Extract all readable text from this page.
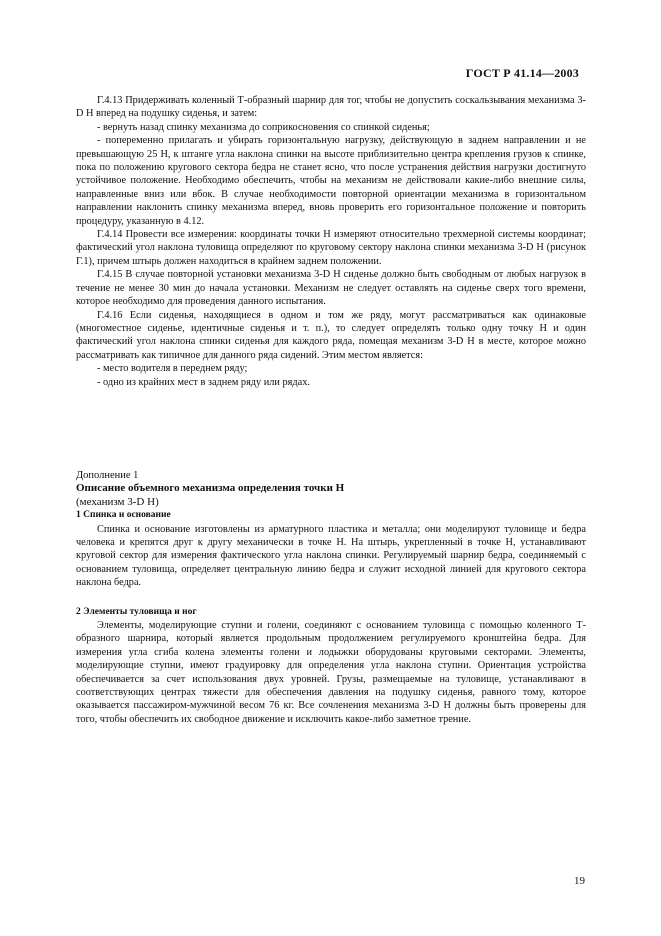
ГОСТ Р 41.14—2003

Г.4.13 Придерживать коленный Т-образный шарнир для тог, чтобы не допустить соскальзывания механизма 3-D H вперед на подушку сиденья, и затем:

- вернуть назад спинку механизма до соприкосновения со спинкой сиденья;

- попеременно прилагать и убирать горизонтальную нагрузку, действующую в заднем направлении и не превышающую 25 Н, к штанге угла наклона спинки на высоте приблизительно центра крепления грузов к спинке, пока по положению кругового сектора бедра не станет ясно, что после устранения действия нагрузки достигнуто устойчивое положение. Необходимо обеспечить, чтобы на механизм не действовали какие-либо внешние силы, направленные вниз или вбок. В случае необходимости повторной ориентации механизма в горизонтальном направлении наклонить спинку механизма вперед, вновь проверить его горизонтальное положение и повторить процедуру, указанную в 4.12.

Г.4.14 Провести все измерения: координаты точки H измеряют относительно трехмерной системы координат; фактический угол наклона туловища определяют по круговому сектору наклона спинки механизма 3-D H (рисунок Г.1), причем штырь должен находиться в крайнем заднем положении.

Г.4.15 В случае повторной установки механизма 3-D H сиденье должно быть свободным от любых нагрузок в течение не менее 30 мин до начала установки. Механизм не следует оставлять на сиденье сверх того времени, которое необходимо для проведения данного испытания.

Г.4.16 Если сиденья, находящиеся в одном и том же ряду, могут рассматриваться как одинаковые (многоместное сиденье, идентичные сиденья и т. п.), то следует определять только одну точку H и один фактический угол наклона спинки сиденья для каждого ряда, помещая механизм 3-D H в месте, которое можно рассматривать как типичное для данного ряда сидений. Этим местом является:

- место водителя в переднем ряду;

- одно из крайних мест в заднем ряду или рядах.

Дополнение 1

Описание объемного механизма определения точки H

(механизм 3-D H)

1 Спинка и основание

Спинка и основание изготовлены из арматурного пластика и металла; они моделируют туловище и бедра человека и крепятся друг к другу механически в точке H. На штырь, укрепленный в точке H, устанавливают круговой сектор для измерения фактического угла наклона спинки. Регулируемый шарнир бедра, соединяемый с основанием туловища, определяет центральную линию бедра и служит исходной линией для кругового сектора наклона бедра.

2 Элементы туловища и ног

Элементы, моделирующие ступни и голени, соединяют с основанием туловища с помощью коленного Т-образного шарнира, который является продольным продолжением регулируемого кронштейна бедра. Для измерения угла сгиба колена элементы голени и лодыжки оборудованы круговыми секторами. Элементы, моделирующие ступни, имеют градуировку для определения угла наклона ступни. Ориентация устройства обеспечивается за счет использования двух уровней. Грузы, размещаемые на туловище, устанавливают в соответствующих центрах тяжести для обеспечения давления на подушку сиденья, равного тому, которое оказывается пассажиром-мужчиной весом 76 кг. Все сочленения механизма 3-D H должны быть проверены для того, чтобы обеспечить их свободное движение и исключить какое-либо заметное трение.

19
